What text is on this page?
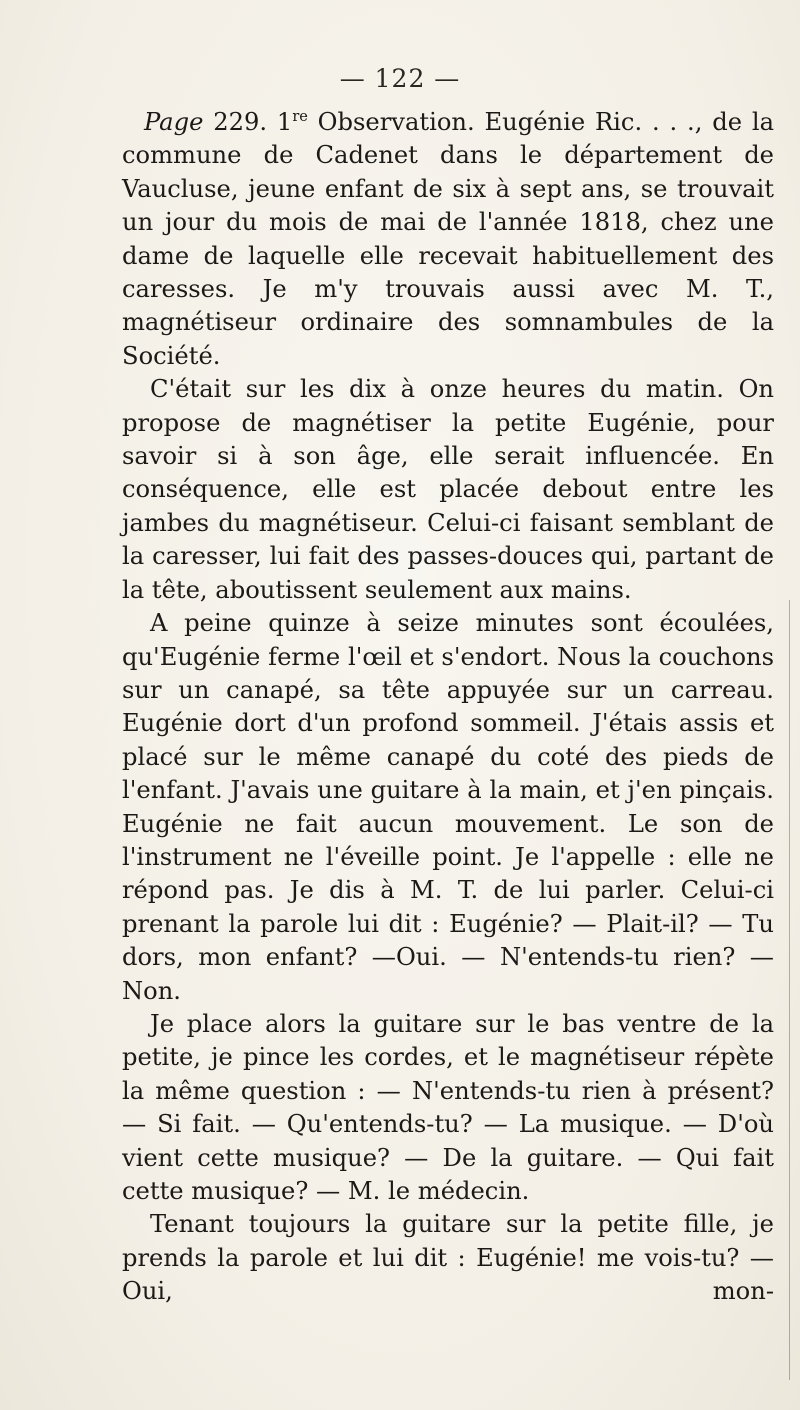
— 122 —

Page 229. 1re Observation. Eugénie Ric. . . ., de la commune de Cadenet dans le département de Vaucluse, jeune enfant de six à sept ans, se trouvait un jour du mois de mai de l'année 1818, chez une dame de laquelle elle recevait habituellement des caresses. Je m'y trouvais aussi avec M. T., magnétiseur ordinaire des somnambules de la Société.

C'était sur les dix à onze heures du matin. On propose de magnétiser la petite Eugénie, pour savoir si à son âge, elle serait influencée. En conséquence, elle est placée debout entre les jambes du magnétiseur. Celui-ci faisant semblant de la caresser, lui fait des passes-douces qui, partant de la tête, aboutissent seulement aux mains.

A peine quinze à seize minutes sont écoulées, qu'Eugénie ferme l'œil et s'endort. Nous la couchons sur un canapé, sa tête appuyée sur un carreau. Eugénie dort d'un profond sommeil. J'étais assis et placé sur le même canapé du coté des pieds de l'enfant. J'avais une guitare à la main, et j'en pinçais. Eugénie ne fait aucun mouvement. Le son de l'instrument ne l'éveille point. Je l'appelle : elle ne répond pas. Je dis à M. T. de lui parler. Celui-ci prenant la parole lui dit : Eugénie? — Plait-il? — Tu dors, mon enfant? —Oui. — N'entends-tu rien? — Non.

Je place alors la guitare sur le bas ventre de la petite, je pince les cordes, et le magnétiseur répète la même question : — N'entends-tu rien à présent? — Si fait. — Qu'entends-tu? — La musique. — D'où vient cette musique? — De la guitare. — Qui fait cette musique? — M. le médecin.

Tenant toujours la guitare sur la petite fille, je prends la parole et lui dit : Eugénie! me vois-tu? — Oui, mon-
